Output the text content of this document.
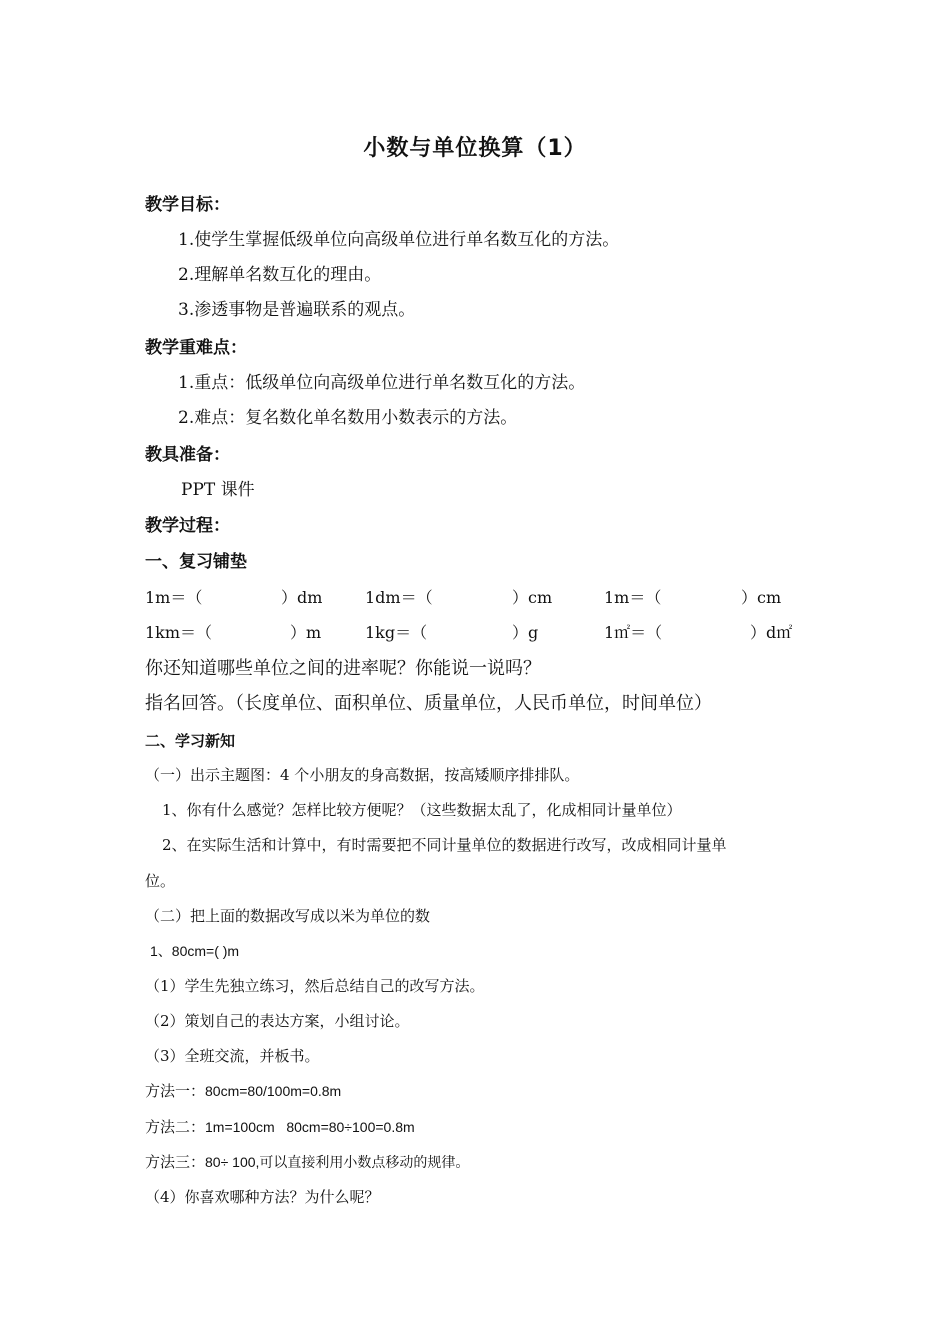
小数与单位换算（1）
教学目标：
1.使学生掌握低级单位向高级单位进行单名数互化的方法。
2.理解单名数互化的理由。
3.渗透事物是普遍联系的观点。
教学重难点：
1.重点：低级单位向高级单位进行单名数互化的方法。
2.难点：复名数化单名数用小数表示的方法。
教具准备：
PPT 课件
教学过程：
一、复习铺垫
1m＝（	）dm	1dm＝（	）cm	1m＝（	）cm
1km＝（	）m	1kg＝（	）g	1㎡＝（	）d㎡
你还知道哪些单位之间的进率呢？你能说一说吗？
指名回答。（长度单位、面积单位、质量单位，人民币单位，时间单位）
二、学习新知
（一）出示主题图：4 个小朋友的身高数据，按高矮顺序排排队。
1、你有什么感觉？怎样比较方便呢？（这些数据太乱了，化成相同计量单位）
2、在实际生活和计算中，有时需要把不同计量单位的数据进行改写，改成相同计量单
位。
（二）把上面的数据改写成以米为单位的数
1、80cm=( )m
（1）学生先独立练习，然后总结自己的改写方法。
（2）策划自己的表达方案，小组讨论。
（3）全班交流，并板书。
方法一：80cm=80/100m=0.8m
方法二：1m=100cm   80cm=80÷100=0.8m
方法三：80÷ 100,可以直接利用小数点移动的规律。
（4）你喜欢哪种方法？为什么呢？
